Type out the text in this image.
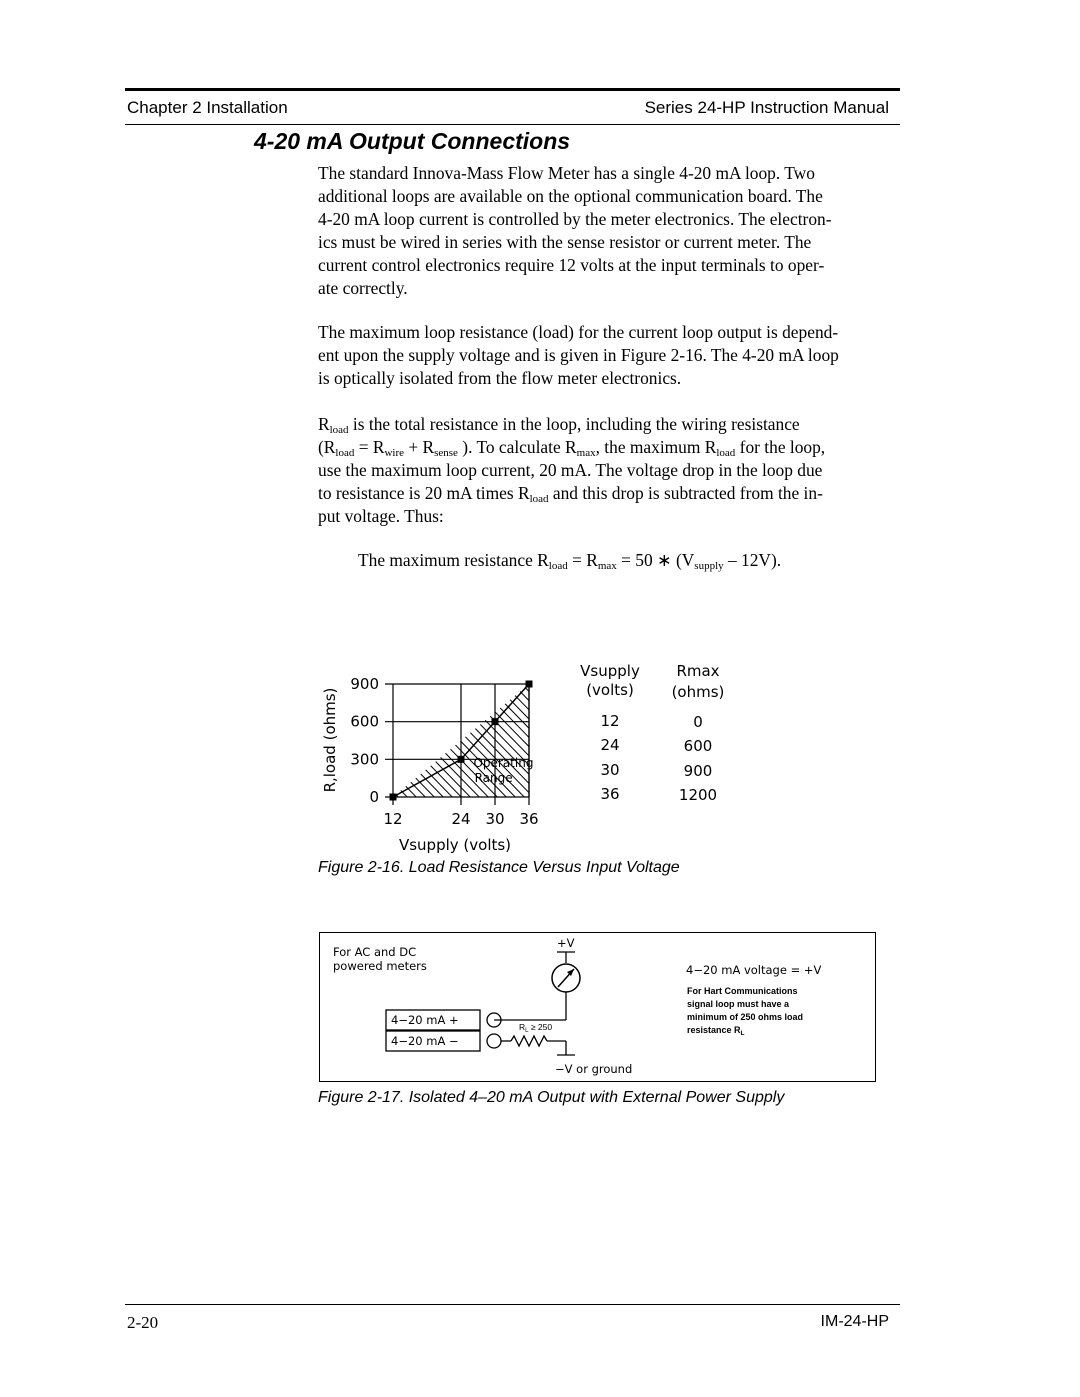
Chapter 2 Installation	Series 24-HP Instruction Manual
4-20 mA Output Connections
The standard Innova-Mass Flow Meter has a single 4-20 mA loop. Two
additional loops are available on the optional communication board. The
4-20 mA loop current is controlled by the meter electronics. The electron-
ics must be wired in series with the sense resistor or current meter. The
current control electronics require 12 volts at the input terminals to oper-
ate correctly.
The maximum loop resistance (load) for the current loop output is depend-
ent upon the supply voltage and is given in Figure 2-16. The 4-20 mA loop
is optically isolated from the flow meter electronics.
$R_{load}$ is the total resistance in the loop, including the wiring resistance
($R_{load} = R_{wire} + R_{sense}$ ). To calculate $R_{max}$, the maximum $R_{load}$ for the loop,
use the maximum loop current, 20 mA. The voltage drop in the loop due
to resistance is 20 mA times $R_{load}$ and this drop is subtracted from the in-
put voltage. Thus:
The maximum resistance $R_{load} = R_{max} = 50$ ∗ $(V_{supply} - 12V)$.
Operating
Range
0
300
600
900
12	24 30 36
R,load (ohms)
Vsupply (volts)
Vsupply
(volts)
Rmax
(ohms)
12	0
24	600
30	900
36	1200
Figure 2-16. Load Resistance Versus Input Voltage
For AC and DC
powered meters
+V
4−20 mA +
4−20 mA −
$R_L \ge 250$
−V or ground
4−20 mA voltage = +V
For Hart Communications
signal loop must have a
minimum of 250 ohms load
resistance $R_L$
Figure 2-17. Isolated 4–20 mA Output with External Power Supply
2-20	IM-24-HP
